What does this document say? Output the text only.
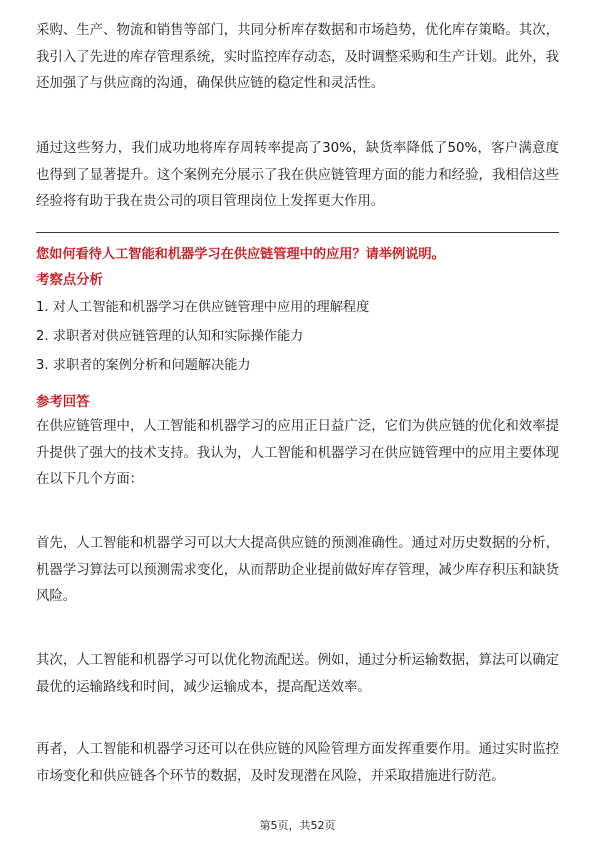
采购、生产、物流和销售等部门，共同分析库存数据和市场趋势，优化库存策略。其次，我引入了先进的库存管理系统，实时监控库存动态，及时调整采购和生产计划。此外，我还加强了与供应商的沟通，确保供应链的稳定性和灵活性。

通过这些努力，我们成功地将库存周转率提高了30%，缺货率降低了50%，客户满意度也得到了显著提升。这个案例充分展示了我在供应链管理方面的能力和经验，我相信这些经验将有助于我在贵公司的项目管理岗位上发挥更大作用。

您如何看待人工智能和机器学习在供应链管理中的应用？请举例说明。
考察点分析
1. 对人工智能和机器学习在供应链管理中应用的理解程度
2. 求职者对供应链管理的认知和实际操作能力
3. 求职者的案例分析和问题解决能力
参考回答

在供应链管理中，人工智能和机器学习的应用正日益广泛，它们为供应链的优化和效率提升提供了强大的技术支持。我认为，人工智能和机器学习在供应链管理中的应用主要体现在以下几个方面：

首先，人工智能和机器学习可以大大提高供应链的预测准确性。通过对历史数据的分析，机器学习算法可以预测需求变化，从而帮助企业提前做好库存管理，减少库存积压和缺货风险。

其次，人工智能和机器学习可以优化物流配送。例如，通过分析运输数据，算法可以确定最优的运输路线和时间，减少运输成本，提高配送效率。

再者，人工智能和机器学习还可以在供应链的风险管理方面发挥重要作用。通过实时监控市场变化和供应链各个环节的数据，及时发现潜在风险，并采取措施进行防范。

第5页，共52页
